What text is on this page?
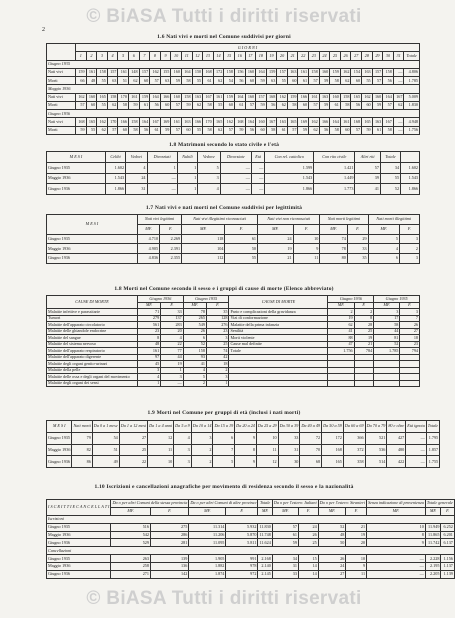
© BiASA Tutti i diritti riservati
© BiASA Tutti i diritti riservati
2
1.6 Nati vivi e morti nel Comune suddivisi per giorni
	G I O R N I																															
	1	2	3	4	5	6	7	8	9	10	11	12	13	14	15	16	17	18	19	20	21	22	23	24	25	26	27	28	29	30	31	Totale
Giugno 1935																																
Nati vivi	159	161	158	157	161	148	157	162	155	160	164	150	168	172	158	156	160	164	159	157	163	161	158	160	159	162	154	163	157	158	—	4.806
Morti	66	48	55	63	51	62	60	57	63	59	58	55	61	62	54	56	60	59	63	55	60	61	57	59	58	62	60	55	57	56	—	1.785
Maggio 1936																																
Nati vivi	162	160	165	158	170	161	159	164	166	160	158	163	167	161	159	164	160	157	168	162	159	166	161	163	160	158	165	162	160	164	167	5.009
Morti	57	60	55	62	58	59	61	56	60	57	59	62	58	55	60	61	57	59	56	62	58	60	57	59	61	58	56	60	59	57	62	1.830
Giugno 1936																																
Nati vivi	168	165	162	170	166	158	164	167	169	161	163	166	170	165	162	168	164	160	167	163	165	169	162	166	164	161	168	165	163	167	—	4.948
Morti	59	55	62	57	60	58	56	61	59	57	60	55	58	62	57	59	56	60	58	61	57	59	62	56	58	60	57	59	61	58	—	1.756
1.8 Matrimoni secondo lo stato civile e l'età
M E S I	Celibi	Vedovi	Divorziati	Nubili	Vedove	Divorziate	Età	Con rel. cattolico	Con rito civile	Altri riti	Totale	
Giugno 1935	1.602	4	1	1	5	—	—	1.599	1.421	57	34	1.602
Maggio 1936	1.543	24	—	1	3	—	—	1.543	1.449	39	55	1.543
Giugno 1936	1.866	31	—	1	4	—	—	1.866	1.773	41	52	1.866
1.7 Nati vivi e nati morti nel Comune suddivisi per legittimità
M E S I	Nati vivi legittimi		Nati vivi illegittimi riconosciuti		Nati vivi non riconosciuti		Nati morti legittimi		Nati morti illegittimi	
	MF.	F.	MF.	F.	MF.	F.	MF.	F.	MF.	F.
Giugno 1935	4.710	2.269	118	61	24	10	74	29	5	3
Maggio 1936	4.905	2.391	104	50	19	9	78	33	4	2
Giugno 1936	4.836	2.355	112	55	21	11	80	35	6	3
1.8 Morti nel Comune secondo il sesso e i gruppi di cause di morte (Elenco abbreviato)
CAUSE DI MORTE	Giugno 1936		Giugno 1935		CAUSE DI MORTE	Giugno 1936		Giugno 1935	
	MF.	F.	MF.	F.		MF.	F.	MF.	F.
Malattie infettive e parassitarie	71	33	78	35	Parto e complicazioni della gravidanza	2	2	3	3
Tumori	279	137	265	128	Vizi di conformazione	19	8	17	7
Malattie dell'apparato circolatorio	561	283	549	276	Malattie della prima infanzia	62	28	58	26
Malattie delle ghiandole endocrine	23	20	26	23	Senilità	41	25	44	27
Malattie del sangue	8	4	6	3	Morti violente	88	19	81	18
Malattie del sistema nervoso	48	22	52	25	Cause mal definite	47	21	52	23
Malattie dell'apparato respiratorio	161	77	158	74	Totale	1.756	784	1.785	794
Malattie dell'apparato digerente	97	44	93	42					
Malattie degli organi genito-urinari	45	19	41	18					
Malattie della pelle	3	1	4	2					
Malattie delle ossa e degli organi del movimento	4	3	5	3					
Malattie degli organi dei sensi	1	—	2	1					
1.9 Morti nel Comune per gruppi di età (inclusi i nati morti)
M E S I	Nati morti	Da 0 a 1 mese	Da 1 a 12 mesi	Da 1 a 4 anni	Da 5 a 9	Da 10 a 14	Da 15 a 19	Da 20 a 24	Da 25 a 29	Da 30 a 39	Da 40 a 49	Da 50 a 59	Da 60 a 69	Da 70 a 79	80 e oltre	Età ignota	Totale
Giugno 1935	79	54	27	12	4	3	6	9	10	33	72	172	366	521	427	—	1.795
Maggio 1936	82	51	25	11	3	2	7	8	11	31	70	168	372	536	480	—	1.857
Giugno 1936	86	49	22	10	3	2	5	9	12	30	68	165	358	514	422	—	1.755
1.10 Iscrizioni e cancellazioni anagrafiche per movimento di residenza secondo il sesso e la nazionalità
I S C R I T T I E C A N C E L L A T I	Da o per altri Comuni della stessa provincia		Da o per altri Comuni di altre province		Totale	Da o per l'estero: Italiani		Da o per l'estero: Stranieri		Senza indicazione di provenienza	Totale generale	
	MF.	F.	MF.	F.	MF.	MF.	F.	MF.	F.	MF.	MF.	F.
Iscrizioni												
Giugno 1935	516	275	11.314	5.932	11.830	57	24	52	21	10	11.949	6.252
Maggio 1936	542	286	11.206	5.870	11.748	61	26	48	19	8	11.865	6.201
Giugno 1936	529	281	11.095	5.811	11.624	59	25	50	20	9	11.742	6.137
Cancellazioni												
Giugno 1935	263	139	1.905	991	2.168	34	15	26	10	—	2.228	1.156
Maggio 1936	258	136	1.882	978	2.140	31	14	24	9	—	2.195	1.137
Giugno 1936	271	142	1.874	972	2.145	33	14	27	11	—	2.205	1.139
